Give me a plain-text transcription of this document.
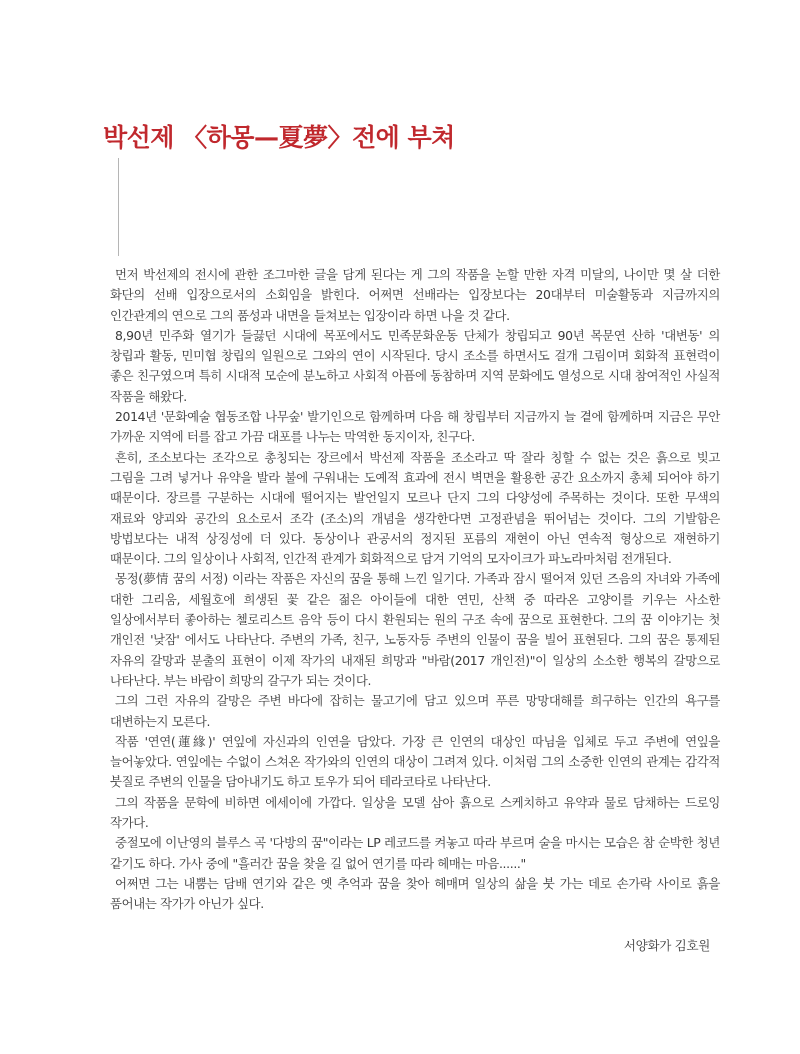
박선제 〈하몽—夏夢〉전에 부쳐

먼저 박선제의 전시에 관한 조그마한 글을 담게 된다는 게 그의 작품을 논할 만한 자격 미달의, 나이만 몇 살 더한 화단의 선배 입장으로서의 소회임을 밝힌다. 어쩌면 선배라는 입장보다는 20대부터 미술활동과 지금까지의 인간관계의 연으로 그의 품성과 내면을 들쳐보는 입장이라 하면 나을 것 같다.

8,90년 민주화 열기가 들끓던 시대에 목포에서도 민족문화운동 단체가 창립되고 90년 목문연 산하 '대변동' 의 창립과 활동, 민미협 창립의 일원으로 그와의 연이 시작된다. 당시 조소를 하면서도 걸개 그림이며 회화적 표현력이 좋은 친구였으며 특히 시대적 모순에 분노하고 사회적 아픔에 동참하며 지역 문화에도 열성으로 시대 참여적인 사실적 작품을 해왔다.

2014년 '문화예술 협동조합 나무숲' 발기인으로 함께하며 다음 해 창립부터 지금까지 늘 곁에 함께하며 지금은 무안 가까운 지역에 터를 잡고 가끔 대포를 나누는 막역한 동지이자, 친구다.

흔히, 조소보다는 조각으로 총칭되는 장르에서 박선제 작품을 조소라고 딱 잘라 칭할 수 없는 것은 흙으로 빚고 그림을 그려 넣거나 유약을 발라 불에 구워내는 도예적 효과에 전시 벽면을 활용한 공간 요소까지 총체 되어야 하기 때문이다. 장르를 구분하는 시대에 떨어지는 발언일지 모르나 단지 그의 다양성에 주목하는 것이다. 또한 무색의 재료와 양괴와 공간의 요소로서 조각 (조소)의 개념을 생각한다면 고정관념을 뛰어넘는 것이다. 그의 기발함은 방법보다는 내적 상징성에 더 있다. 동상이나 관공서의 정지된 포름의 재현이 아닌 연속적 형상으로 재현하기 때문이다. 그의 일상이나 사회적, 인간적 관계가 회화적으로 담겨 기억의 모자이크가 파노라마처럼 전개된다.

몽정(夢情 꿈의 서정) 이라는 작품은 자신의 꿈을 통해 느낀 일기다. 가족과 잠시 떨어져 있던 즈음의 자녀와 가족에 대한 그리움, 세월호에 희생된 꽃 같은 젊은 아이들에 대한 연민, 산책 중 따라온 고양이를 키우는 사소한 일상에서부터 좋아하는 첼로리스트 음악 등이 다시 환원되는 원의 구조 속에 꿈으로 표현한다. 그의 꿈 이야기는 첫 개인전 '낮잠' 에서도 나타난다. 주변의 가족, 친구, 노동자등 주변의 인물이 꿈을 빌어 표현된다. 그의 꿈은 통제된 자유의 갈망과 분출의 표현이 이제 작가의 내재된 희망과 "바람(2017 개인전)"이 일상의 소소한 행복의 갈망으로 나타난다. 부는 바람이 희망의 갈구가 되는 것이다.

그의 그런 자유의 갈망은 주변 바다에 잡히는 물고기에 담고 있으며 푸른 망망대해를 희구하는 인간의 욕구를 대변하는지 모른다.

작품 '연연(蓮緣)' 연잎에 자신과의 인연을 담았다. 가장 큰 인연의 대상인 따님을 입체로 두고 주변에 연잎을 늘어놓았다. 연잎에는 수없이 스쳐온 작가와의 인연의 대상이 그려져 있다. 이처럼 그의 소중한 인연의 관계는 감각적 붓질로 주변의 인물을 담아내기도 하고 토우가 되어 테라코타로 나타난다.

그의 작품을 문학에 비하면 에세이에 가깝다. 일상을 모델 삼아 흙으로 스케치하고 유약과 물로 담채하는 드로잉 작가다.

중절모에 이난영의 블루스 곡 '다방의 꿈"이라는 LP 레코드를 켜놓고 따라 부르며 술을 마시는 모습은 참 순박한 청년 같기도 하다. 가사 중에 "흘러간 꿈을 찾을 길 없어 연기를 따라 헤매는 마음......"

어쩌면 그는 내뿜는 담배 연기와 같은 옛 추억과 꿈을 찾아 헤매며 일상의 삶을 붓 가는 데로 손가락 사이로 흙을 품어내는 작가가 아닌가 싶다.

서양화가 김호원
